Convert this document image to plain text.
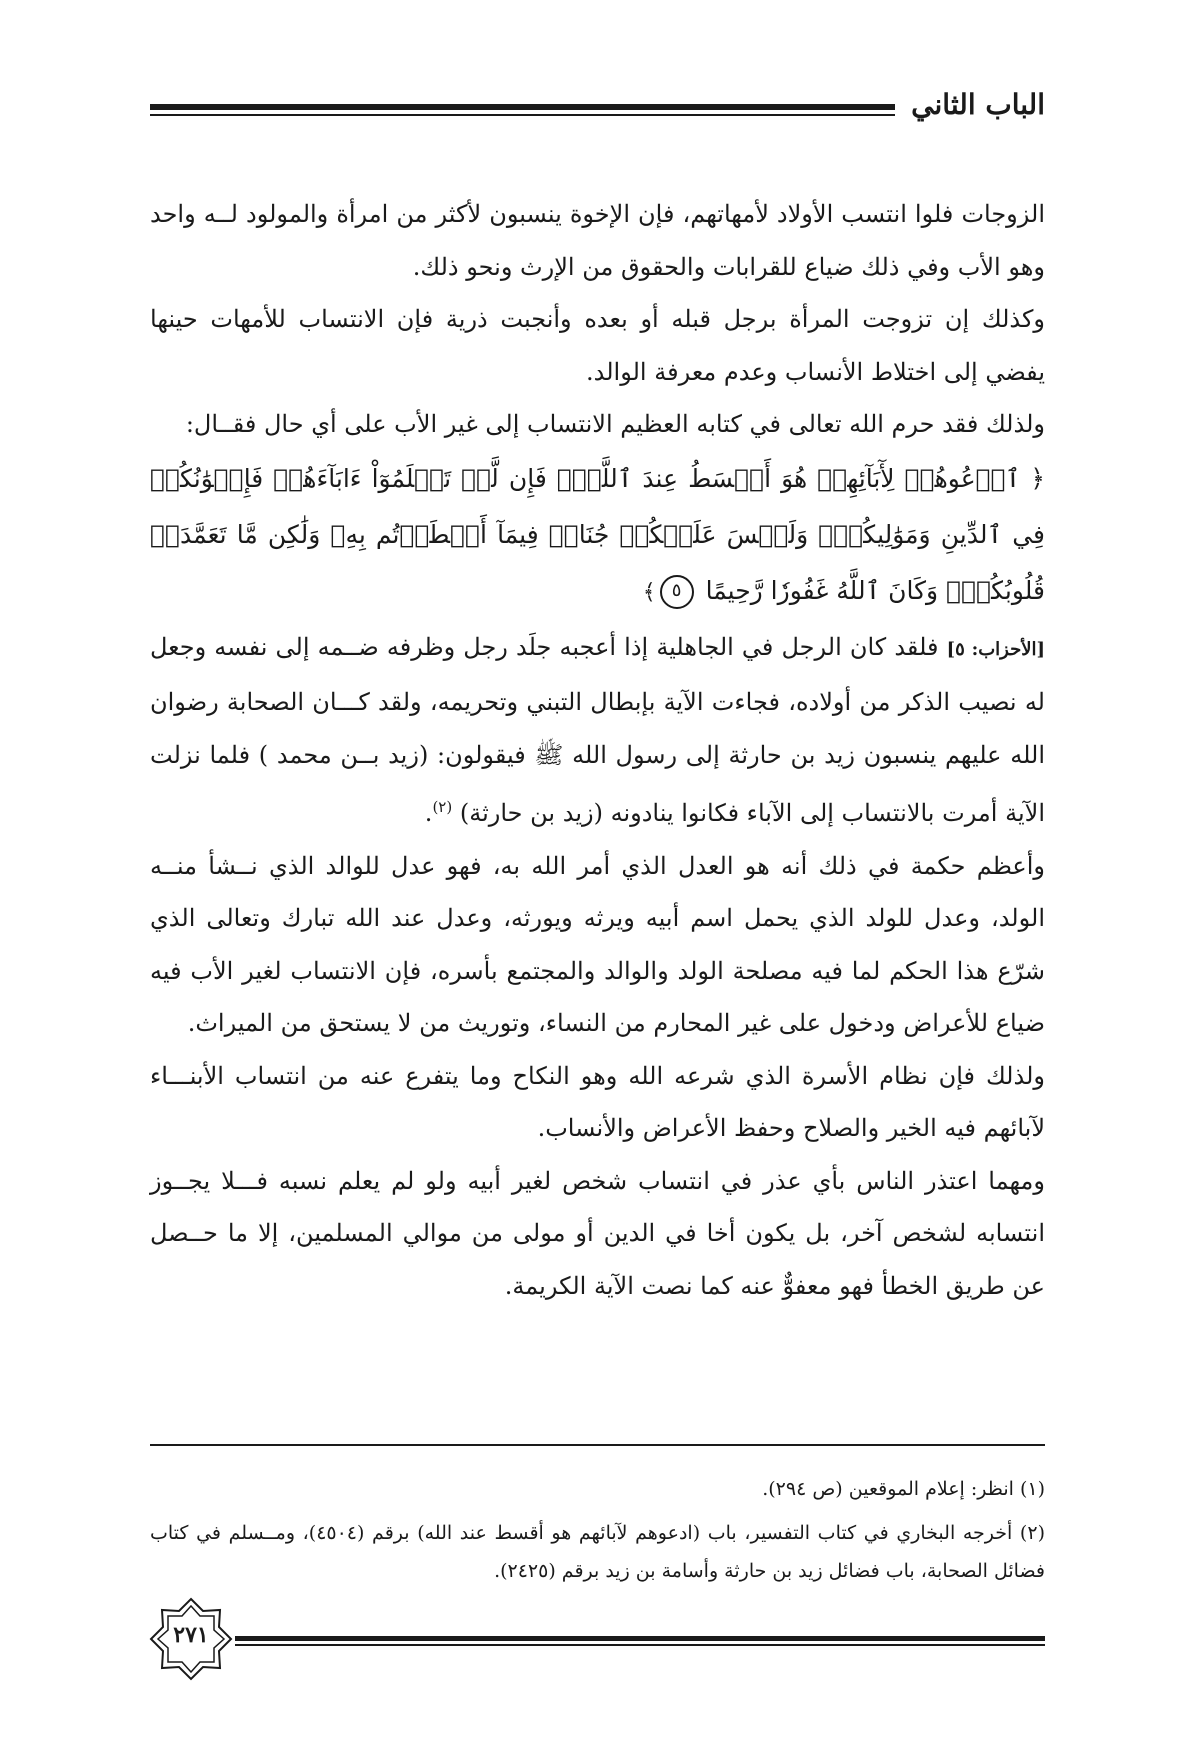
الباب الثاني

الزوجات فلوا انتسب الأولاد لأمهاتهم، فإن الإخوة ينسبون لأكثر من امرأة والمولود لــه واحد وهو الأب وفي ذلك ضياع للقرابات والحقوق من الإرث ونحو ذلك.

وكذلك إن تزوجت المرأة برجل قبله أو بعده وأنجبت ذرية فإن الانتساب للأمهات حينها يفضي إلى اختلاط الأنساب وعدم معرفة الوالد.

ولذلك فقد حرم الله تعالى في كتابه العظيم الانتساب إلى غير الأب على أي حال فقــال:

﴿ ٱدۡعُوهُمۡ لِأٓبَآئِهِمۡ هُوَ أَقۡسَطُ عِندَ ٱللَّهِۚ فَإِن لَّمۡ تَعۡلَمُوٓاْ ءَابَآءَهُمۡ فَإِخۡوَٰنُكُمۡ فِي ٱلدِّينِ وَمَوَٰلِيكُمۡۚ وَلَيۡسَ عَلَيۡكُمۡ جُنَاحٞ فِيمَآ أَخۡطَأۡتُم بِهِۦ وَلَٰكِن مَّا تَعَمَّدَتۡ قُلُوبُكُمۡۚ وَكَانَ ٱللَّهُ غَفُورٗا رَّحِيمًا ٥﴾

[الأحزاب: ٥] فلقد كان الرجل في الجاهلية إذا أعجبه جلَد رجل وظرفه ضــمه إلى نفسه وجعل له نصيب الذكر من أولاده، فجاءت الآية بإبطال التبني وتحريمه، ولقد كـــان الصحابة رضوان الله عليهم ينسبون زيد بن حارثة إلى رسول الله ﷺ فيقولون: (زيد بــن محمد ) فلما نزلت الآية أمرت بالانتساب إلى الآباء فكانوا ينادونه (زيد بن حارثة) $^{(٢)}$.

وأعظم حكمة في ذلك أنه هو العدل الذي أمر الله به، فهو عدل للوالد الذي نــشأ منــه الولد، وعدل للولد الذي يحمل اسم أبيه ويرثه ويورثه، وعدل عند الله تبارك وتعالى الذي شرّع هذا الحكم لما فيه مصلحة الولد والوالد والمجتمع بأسره، فإن الانتساب لغير الأب فيه ضياع للأعراض ودخول على غير المحارم من النساء، وتوريث من لا يستحق من الميراث.

ولذلك فإن نظام الأسرة الذي شرعه الله وهو النكاح وما يتفرع عنه من انتساب الأبنـــاء لآبائهم فيه الخير والصلاح وحفظ الأعراض والأنساب.

ومهما اعتذر الناس بأي عذر في انتساب شخص لغير أبيه ولو لم يعلم نسبه فـــلا يجــوز انتسابه لشخص آخر، بل يكون أخا في الدين أو مولى من موالي المسلمين، إلا ما حــصل عن طريق الخطأ فهو معفوٌّ عنه كما نصت الآية الكريمة.

(١) انظر: إعلام الموقعين (ص ٢٩٤).

(٢) أخرجه البخاري في كتاب التفسير، باب (ادعوهم لآبائهم هو أقسط عند الله) برقم (٤٥٠٤)، ومــسلم في كتاب فضائل الصحابة، باب فضائل زيد بن حارثة وأسامة بن زيد برقم (٢٤٢٥).

٢٧١
